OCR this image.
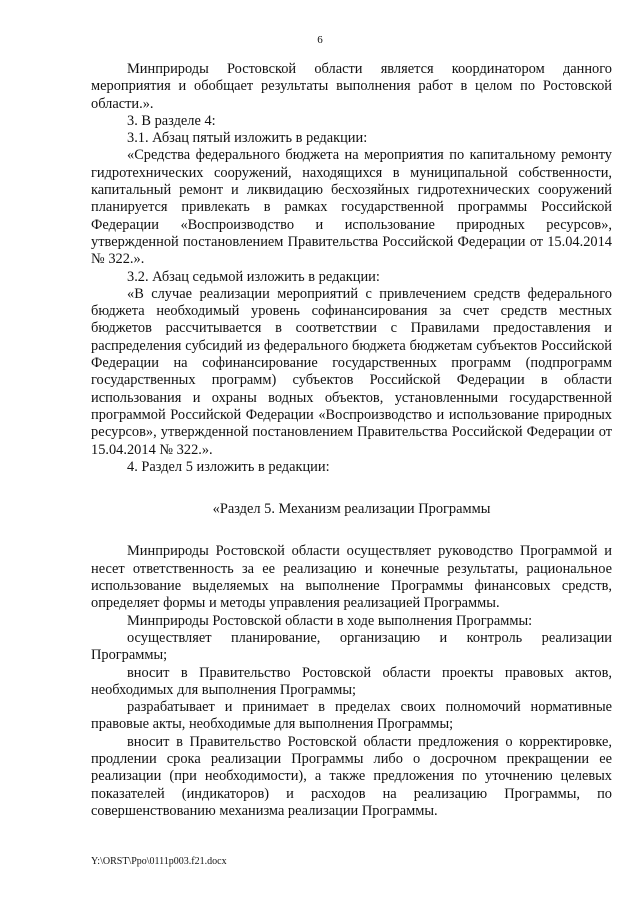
6

Минприроды Ростовской области является координатором данного мероприятия и обобщает результаты выполнения работ в целом по Ростовской области.».

3. В разделе 4:

3.1. Абзац пятый изложить в редакции:

«Средства федерального бюджета на мероприятия по капитальному ремонту гидротехнических сооружений, находящихся в муниципальной собственности, капитальный ремонт и ликвидацию бесхозяйных гидротехнических сооружений планируется привлекать в рамках государственной программы Российской Федерации «Воспроизводство и использование природных ресурсов», утвержденной постановлением Правительства Российской Федерации от 15.04.2014 № 322.».

3.2. Абзац седьмой изложить в редакции:

«В случае реализации мероприятий с привлечением средств федерального бюджета необходимый уровень софинансирования за счет средств местных бюджетов рассчитывается в соответствии с Правилами предоставления и распределения субсидий из федерального бюджета бюджетам субъектов Российской Федерации на софинансирование государственных программ (подпрограмм государственных программ) субъектов Российской Федерации в области использования и охраны водных объектов, установленными государственной программой Российской Федерации «Воспроизводство и использование природных ресурсов», утвержденной постановлением Правительства Российской Федерации от 15.04.2014 № 322.».

4. Раздел 5 изложить в редакции:

«Раздел 5. Механизм реализации Программы

Минприроды Ростовской области осуществляет руководство Программой и несет ответственность за ее реализацию и конечные результаты, рациональное использование выделяемых на выполнение Программы финансовых средств, определяет формы и методы управления реализацией Программы.

Минприроды Ростовской области в ходе выполнения Программы:

осуществляет планирование, организацию и контроль реализации Программы;

вносит в Правительство Ростовской области проекты правовых актов, необходимых для выполнения Программы;

разрабатывает и принимает в пределах своих полномочий нормативные правовые акты, необходимые для выполнения Программы;

вносит в Правительство Ростовской области предложения о корректировке, продлении срока реализации Программы либо о досрочном прекращении ее реализации (при необходимости), а также предложения по уточнению целевых показателей (индикаторов) и расходов на реализацию Программы, по совершенствованию механизма реализации Программы.

Y:\ORST\Ppo\0111p003.f21.docx
